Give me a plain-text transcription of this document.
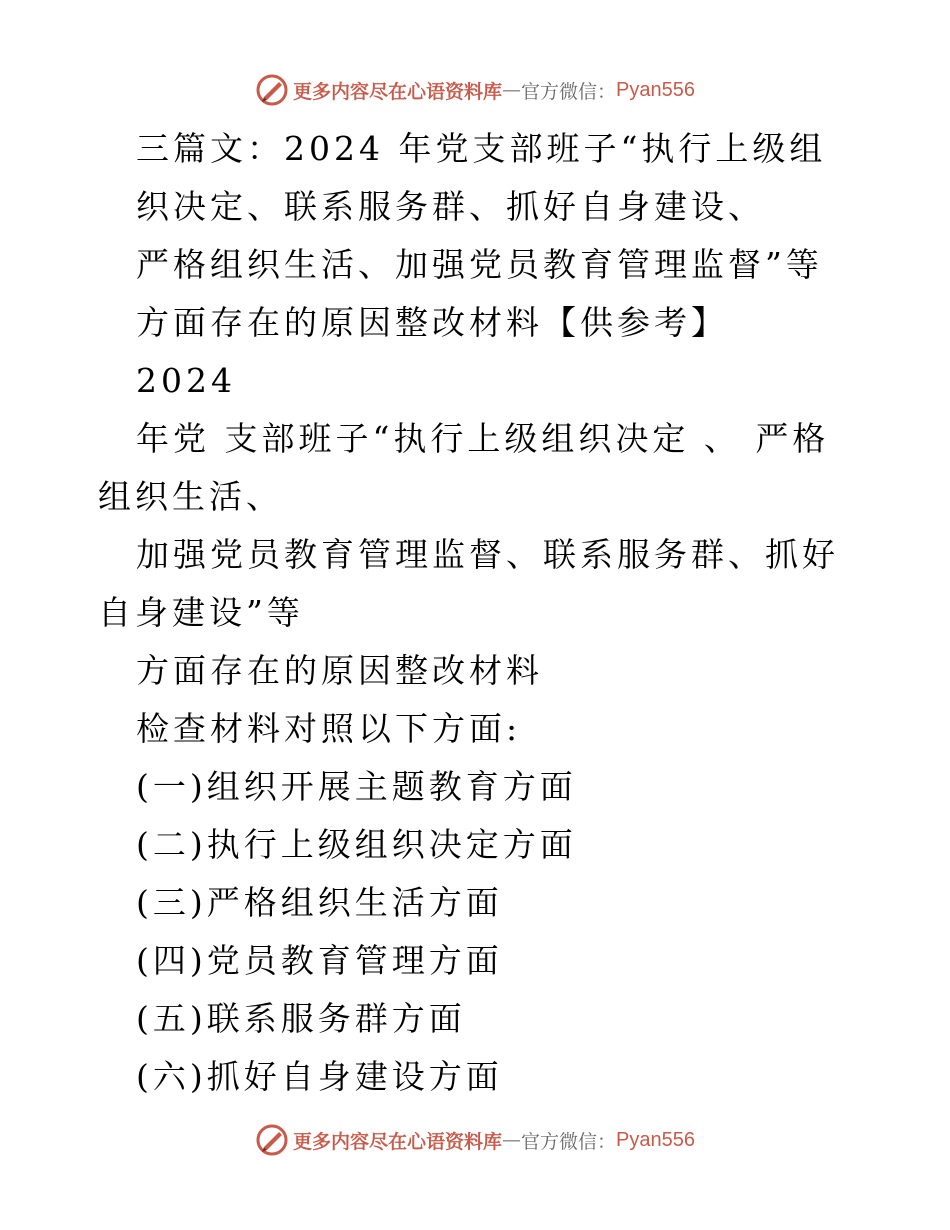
更多内容尽在心语资料库 — 官方微信： Pyan556

三篇文：2024 年党支部班子“执行上级组

织决定、联系服务群、抓好自身建设、

严格组织生活、加强党员教育管理监督”等

方面存在的原因整改材料【供参考】

2024

年党 支部班子“执行上级组织决定 、 严格组织生活、

加强党员教育管理监督、联系服务群、抓好自身建设”等

方面存在的原因整改材料

检查材料对照以下方面:

(一)组织开展主题教育方面

(二)执行上级组织决定方面

(三)严格组织生活方面

(四)党员教育管理方面

(五)联系服务群方面

(六)抓好自身建设方面

更多内容尽在心语资料库 — 官方微信： Pyan556
